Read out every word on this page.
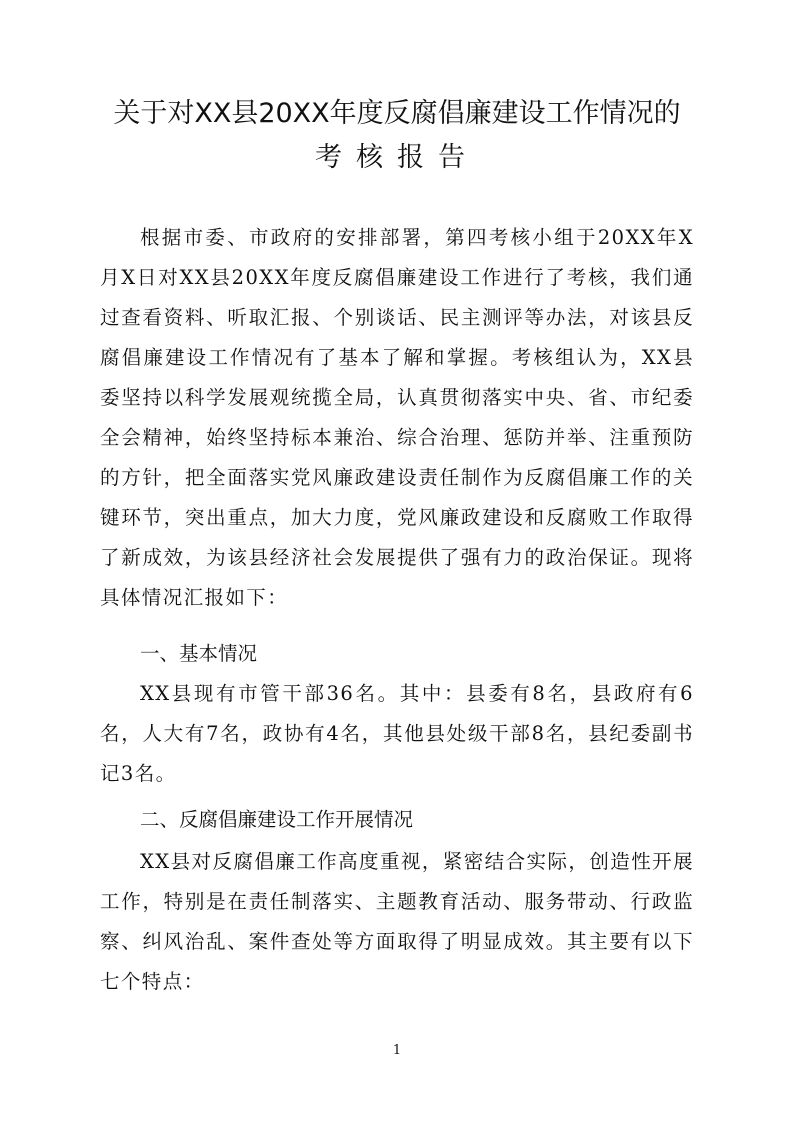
关于对XX县20XX年度反腐倡廉建设工作情况的
考核报告

根据市委、市政府的安排部署，第四考核小组于20XX年X月X日对XX县20XX年度反腐倡廉建设工作进行了考核，我们通过查看资料、听取汇报、个别谈话、民主测评等办法，对该县反腐倡廉建设工作情况有了基本了解和掌握。考核组认为，XX县委坚持以科学发展观统揽全局，认真贯彻落实中央、省、市纪委全会精神，始终坚持标本兼治、综合治理、惩防并举、注重预防的方针，把全面落实党风廉政建设责任制作为反腐倡廉工作的关键环节，突出重点，加大力度，党风廉政建设和反腐败工作取得了新成效，为该县经济社会发展提供了强有力的政治保证。现将具体情况汇报如下：

一、基本情况

XX县现有市管干部36名。其中：县委有8名，县政府有6名，人大有7名，政协有4名，其他县处级干部8名，县纪委副书记3名。

二、反腐倡廉建设工作开展情况

XX县对反腐倡廉工作高度重视，紧密结合实际，创造性开展工作，特别是在责任制落实、主题教育活动、服务带动、行政监察、纠风治乱、案件查处等方面取得了明显成效。其主要有以下七个特点：

1
